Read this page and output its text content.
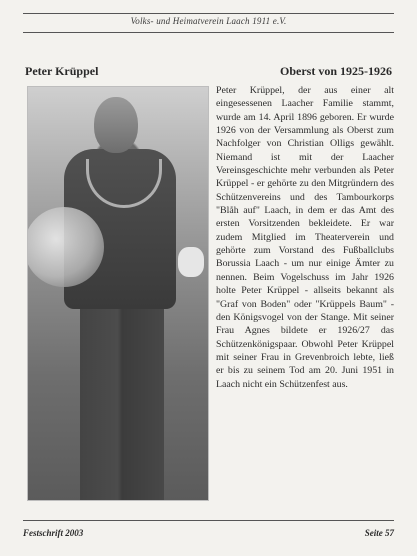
Volks- und Heimatverein Laach 1911 e.V.
Peter Krüppel	Oberst von 1925-1926

Peter Krüppel, der aus einer alt eingesessenen Laacher Familie stammt, wurde am 14. April 1896 geboren. Er wurde 1926 von der Versammlung als Oberst zum Nachfolger von Christian Olligs gewählt. Niemand ist mit der Laacher Vereinsgeschichte mehr verbunden als Peter Krüppel - er gehörte zu den Mitgründern des Schützenvereins und des Tambourkorps "Blåh auf" Laach, in dem er das Amt des ersten Vorsitzenden bekleidete. Er war zudem Mitglied im Theaterverein und gehörte zum Vorstand des Fußballclubs Borussia Laach - um nur einige Ämter zu nennen. Beim Vogelschuss im Jahr 1926 holte Peter Krüppel - allseits bekannt als "Graf von Boden" oder "Krüppels Baum" - den Königsvogel von der Stange. Mit seiner Frau Agnes bildete er 1926/27 das Schützenkönigspaar. Obwohl Peter Krüppel mit seiner Frau in Grevenbroich lebte, ließ er bis zu seinem Tod am 20. Juni 1951 in Laach nicht ein Schützenfest aus.

Festschrift 2003	Seite 57
